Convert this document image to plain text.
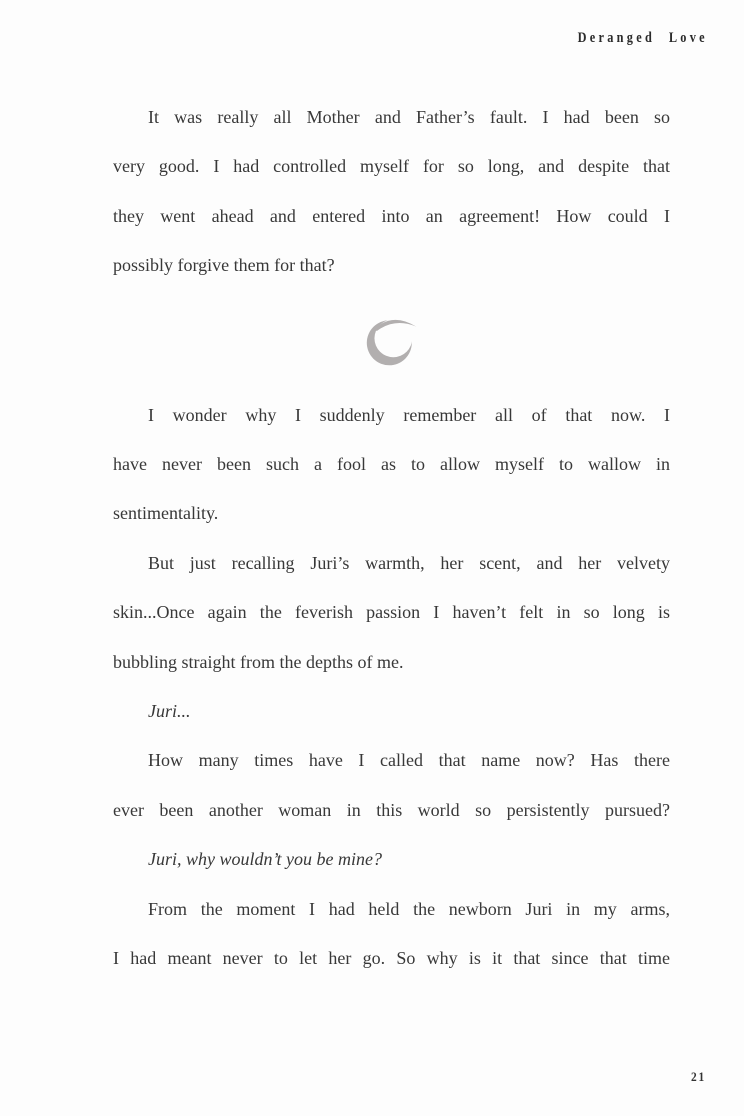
Deranged Love
It was really all Mother and Father’s fault. I had been so
very good. I had controlled myself for so long, and despite that
they went ahead and entered into an agreement! How could I
possibly forgive them for that?
I wonder why I suddenly remember all of that now. I
have never been such a fool as to allow myself to wallow in
sentimentality.
But just recalling Juri’s warmth, her scent, and her velvety
skin...Once again the feverish passion I haven’t felt in so long is
bubbling straight from the depths of me.
Juri...
How many times have I called that name now? Has there
ever been another woman in this world so persistently pursued?
Juri, why wouldn’t you be mine?
From the moment I had held the newborn Juri in my arms,
I had meant never to let her go. So why is it that since that time
21
